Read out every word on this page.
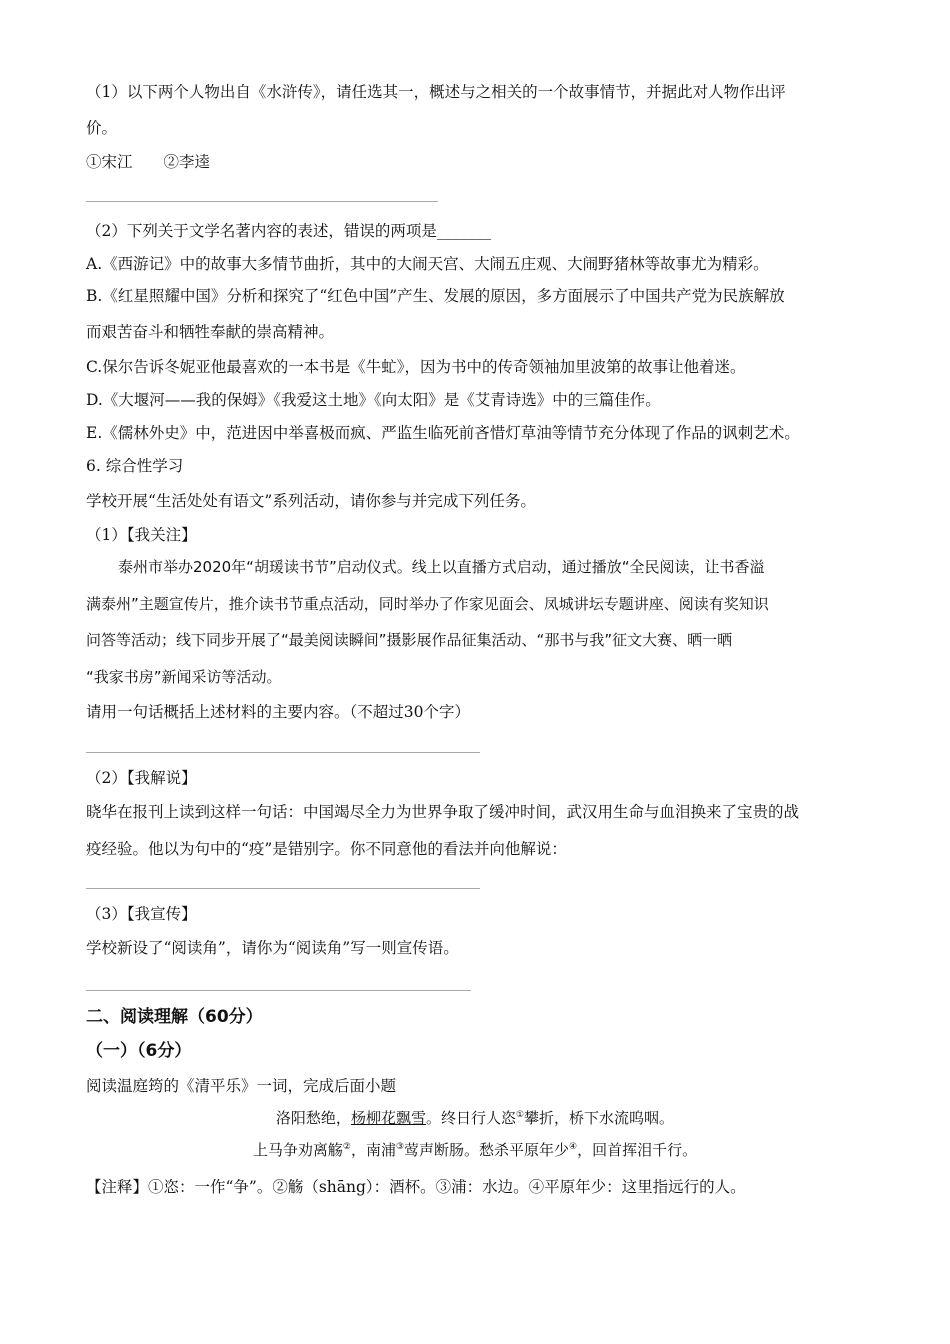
（1）以下两个人物出自《水浒传》，请任选其一，概述与之相关的一个故事情节，并据此对人物作出评

价。

①宋江　　②李逵

（2）下列关于文学名著内容的表述，错误的两项是_______

A.《西游记》中的故事大多情节曲折，其中的大闹天宫、大闹五庄观、大闹野猪林等故事尤为精彩。

B.《红星照耀中国》分析和探究了“红色中国”产生、发展的原因，多方面展示了中国共产党为民族解放

而艰苦奋斗和牺牲奉献的崇高精神。

C.保尔告诉冬妮亚他最喜欢的一本书是《牛虻》，因为书中的传奇领袖加里波第的故事让他着迷。

D.《大堰河——我的保姆》《我爱这土地》《向太阳》是《艾青诗选》中的三篇佳作。

E.《儒林外史》中，范进因中举喜极而疯、严监生临死前吝惜灯草油等情节充分体现了作品的讽刺艺术。

6. 综合性学习

学校开展“生活处处有语文”系列活动，请你参与并完成下列任务。

（1）【我关注】

泰州市举办2020年“胡瑗读书节”启动仪式。线上以直播方式启动，通过播放“全民阅读，让书香溢

满泰州”主题宣传片，推介读书节重点活动，同时举办了作家见面会、凤城讲坛专题讲座、阅读有奖知识

问答等活动；线下同步开展了“最美阅读瞬间”摄影展作品征集活动、“那书与我”征文大赛、晒一晒

“我家书房”新闻采访等活动。

请用一句话概括上述材料的主要内容。（不超过30个字）

（2）【我解说】

晓华在报刊上读到这样一句话：中国竭尽全力为世界争取了缓冲时间，武汉用生命与血泪换来了宝贵的战

疫经验。他以为句中的“疫”是错别字。你不同意他的看法并向他解说：

（3）【我宣传】

学校新设了“阅读角”，请你为“阅读角”写一则宣传语。

二、阅读理解（60分）

（一）（6分）

阅读温庭筠的《清平乐》一词，完成后面小题

洛阳愁绝，杨柳花飘雪。终日行人恣①攀折，桥下水流呜咽。

上马争劝离觞②，南浦③莺声断肠。愁杀平原年少④，回首挥泪千行。

【注释】①恣：一作“争”。②觞（shāng）：酒杯。③浦：水边。④平原年少：这里指远行的人。
